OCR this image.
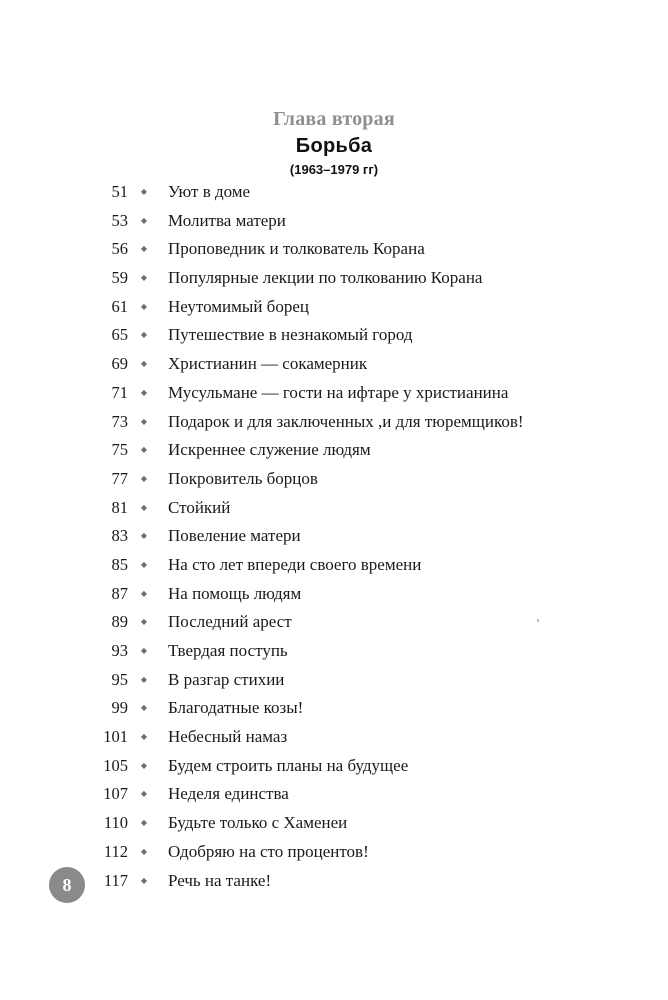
Глава вторая
Борьба
(1963–1979 гг)
51	◆ Уют в доме
53	◆ Молитва матери
56	◆ Проповедник и толкователь Корана
59	◆ Популярные лекции по толкованию Корана
61	◆ Неутомимый борец
65	◆ Путешествие в незнакомый город
69	◆ Христианин — сокамерник
71	◆ Мусульмане — гости на ифтаре у христианина
73	◆ Подарок и для заключенных ,и для тюремщиков!
75	◆ Искреннее служение людям
77	◆ Покровитель борцов
81	◆ Стойкий
83	◆ Повеление матери
85	◆ На сто лет впереди своего времени
87	◆ На помощь людям
89	◆ Последний арест
93	◆ Твердая поступь
95	◆ В разгар стихии
99	◆ Благодатные козы!
101	◆ Небесный намаз
105	◆ Будем строить планы на будущее
107	◆ Неделя единства
110	◆ Будьте только с Хаменеи
112	◆ Одобряю на сто процентов!
117	◆ Речь на танке!
8
